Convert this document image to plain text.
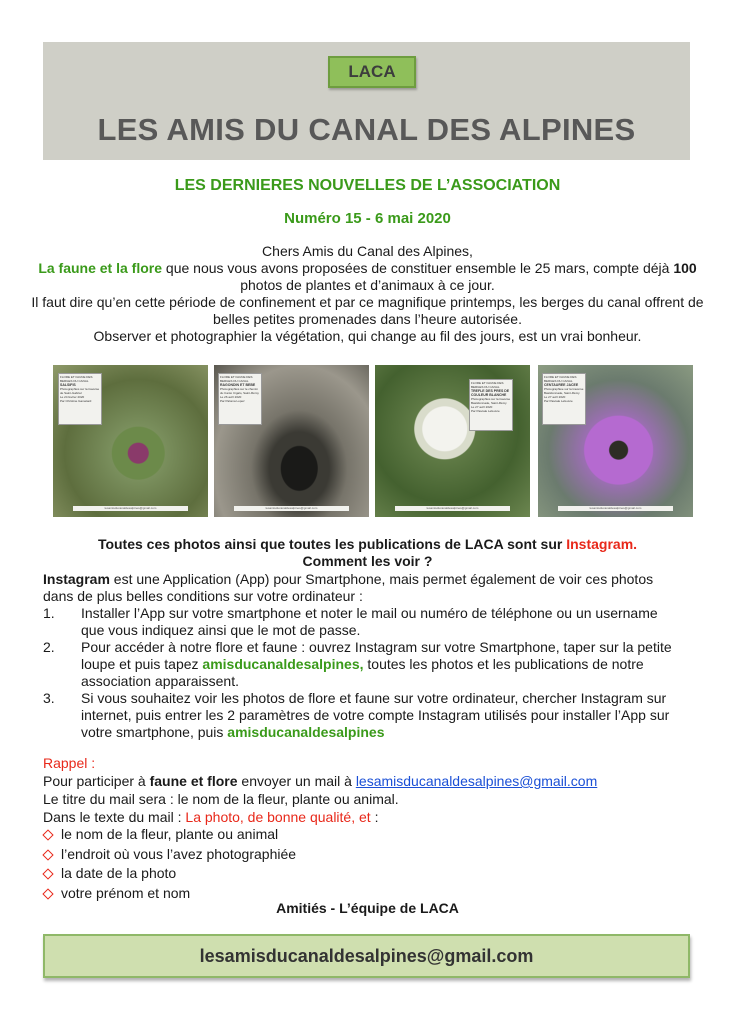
LACA
LES AMIS DU CANAL DES ALPINES
LES DERNIERES NOUVELLES DE L’ASSOCIATION
Numéro 15 - 6 mai 2020
Chers Amis du Canal des Alpines,
La faune et la flore que nous vous avons proposées de constituer ensemble le 25 mars, compte déjà 100 photos de plantes et d’animaux à ce jour.
Il faut dire qu’en cette période de confinement et par ce magnifique printemps, les berges du canal offrent de belles petites promenades dans l’heure autorisée.
Observer et photographier la végétation, qui change au fil des jours, est un vrai bonheur.
FLORE ET FAUNE DES BERGES DU CANAL
SALSIFIS
Photographiés sur la traverse de Saint-Gabriel
Le 24 février 2020
Par Christine Gamelard
lesamisducanaldesalpines@gmail.com
FLORE ET FAUNE DES BERGES DU CANAL
RAGONDIN ET BEBE
Photographiés sur le chemin du Canto Cigalo, Saint-Rémy
Le 26 avril 2020
Par Paloma Lopez
lesamisducanaldesalpines@gmail.com
FLORE ET FAUNE DES BERGES DU CANAL
TREFLE DES PRES DE COULEUR BLANCHE
Photographiés sur la traverse Bastidonnade, Saint-Rémy
Le 27 avril 2020
Par Pascale Lefeuvre
lesamisducanaldesalpines@gmail.com
FLORE ET FAUNE DES BERGES DU CANAL
CENTAUREE JACEE
Photographiée sur la traverse Bastidonnade, Saint-Rémy
Le 27 avril 2020
Par Pascale Lefeuvre
lesamisducanaldesalpines@gmail.com
Toutes ces photos ainsi que toutes les publications de LACA sont sur Instagram.
Comment les voir ?
Instagram est une Application (App) pour Smartphone, mais permet également de voir ces photos dans de plus belles conditions sur votre ordinateur :
1. Installer l’App sur votre smartphone et noter le mail ou numéro de téléphone ou un username que vous indiquez ainsi que le mot de passe.
2. Pour accéder à notre flore et faune : ouvrez Instagram sur votre Smartphone, taper sur la petite loupe et puis tapez amisducanaldesalpines, toutes les photos et les publications de notre association apparaissent.
3. Si vous souhaitez voir les photos de flore et faune sur votre ordinateur, chercher Instagram sur internet, puis entrer les 2 paramètres de votre compte Instagram utilisés pour installer l’App sur votre smartphone, puis amisducanaldesalpines
Rappel :
Pour participer à faune et flore envoyer un mail à lesamisducanaldesalpines@gmail.com
Le titre du mail sera : le nom de la fleur, plante ou animal.
Dans le texte du mail : La photo, de bonne qualité, et :
le nom de la fleur, plante ou animal
l’endroit où vous l’avez photographiée
la date de la photo
votre prénom et nom
Amitiés - L’équipe de LACA
lesamisducanaldesalpines@gmail.com
